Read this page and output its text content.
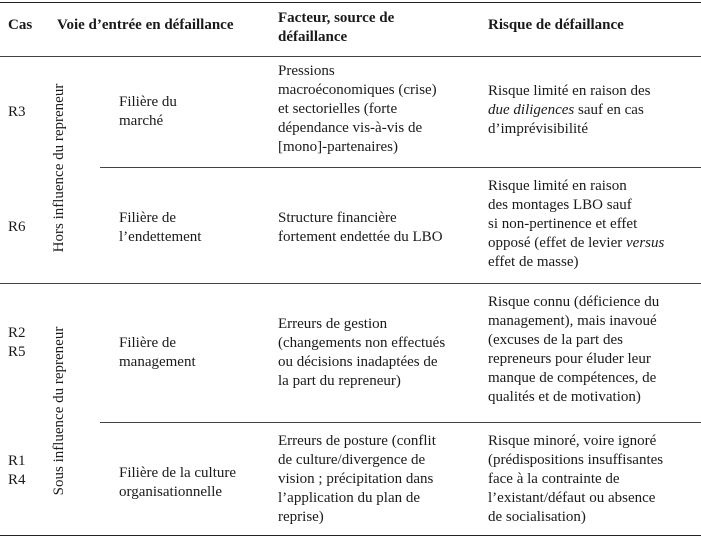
Cas Voie d’entrée en défaillance	Facteur, source de
défaillance
Risque de défaillance
Hors influence du repreneur
Sous influence du repreneur
R3
Filière du
marché
Pressions
macroéconomiques (crise)
et sectorielles (forte
dépendance vis-à-vis de
[mono]-partenaires)
Risque limité en raison des
due diligences sauf en cas
d’imprévisibilité
R6
Filière de
l’endettement
Structure financière
fortement endettée du LBO
Risque limité en raison
des montages LBO sauf
si non-pertinence et effet
opposé (effet de levier versus
effet de masse)
R2
R5
Filière de
management
Erreurs de gestion
(changements non effectués
ou décisions inadaptées de
la part du repreneur)
Risque connu (déficience du
management), mais inavoué
(excuses de la part des
repreneurs pour éluder leur
manque de compétences, de
qualités et de motivation)
R1
R4	Filière de la culture
organisationnelle
Erreurs de posture (conflit
de culture/divergence de
vision ; précipitation dans
l’application du plan de
reprise)
Risque minoré, voire ignoré
(prédispositions insuffisantes
face à la contrainte de
l’existant/défaut ou absence
de socialisation)
